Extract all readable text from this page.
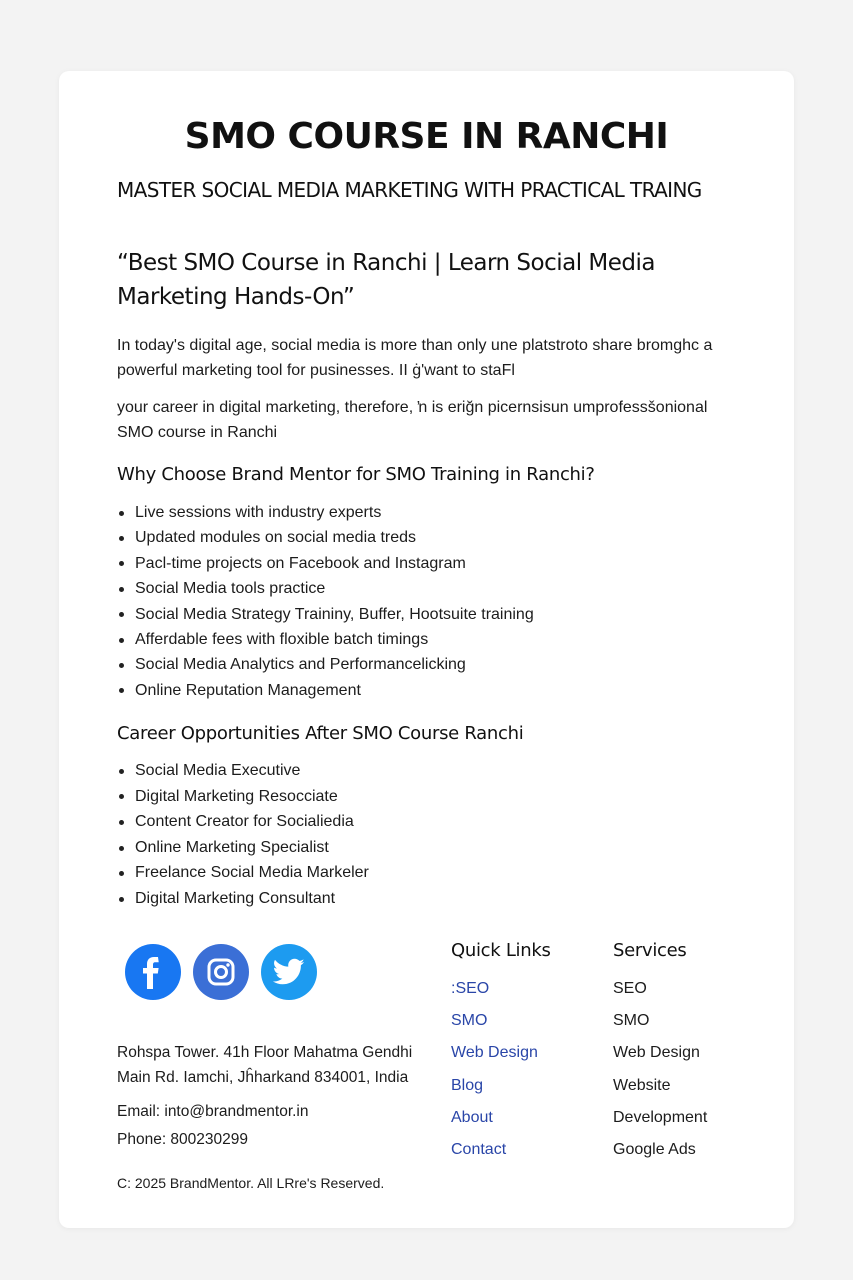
SMO COURSE IN RANCHI
MASTER SOCIAL MEDIA MARKETING WITH PRACTICAL TRAING
“Best SMO Course in Ranchi | Learn Social Media
Marketing Hands-On”
In today's digital age, social media is more than only une platstroto share bromghc a powerful marketing tool for pusinesses. II ġ'want to staFl
your career in digital marketing, therefore, ŉ is eriğn picernsisun umprofessšonional SMO course in Ranchi
Why Choose Brand Mentor for SMO Training in Ranchi?
Live sessions with industry experts
Updated modules on social media treds
Pacl-time projects on Facebook and Instagram
Social Media tools practice
Social Media Strategy Traininy, Buffer, Hootsuite training
Afferdable fees with floxible batch timings
Social Media Analytics and Performancelicking
Online Reputation Management
Career Opportunities After SMO Course Ranchi
Social Media Executive
Digital Marketing Resocciate
Content Creator for Socialiedia
Online Marketing Specialist
Freelance Social Media Markeler
Digital Marketing Consultant
Rohspa Tower. 41h Floor Mahatma Gendhi
Main Rd. Iamchi, Jĥharkand 834001, India
Email: into@brandmentor.in
Phone: 800230299
Quick Links
:SEO
SMO
Web Design
Blog
About
Contact
Services
SEO
SMO
Web Design
Website
Development
Google Ads
C: 2025 BrandMentor. All LRre's Reserved.
